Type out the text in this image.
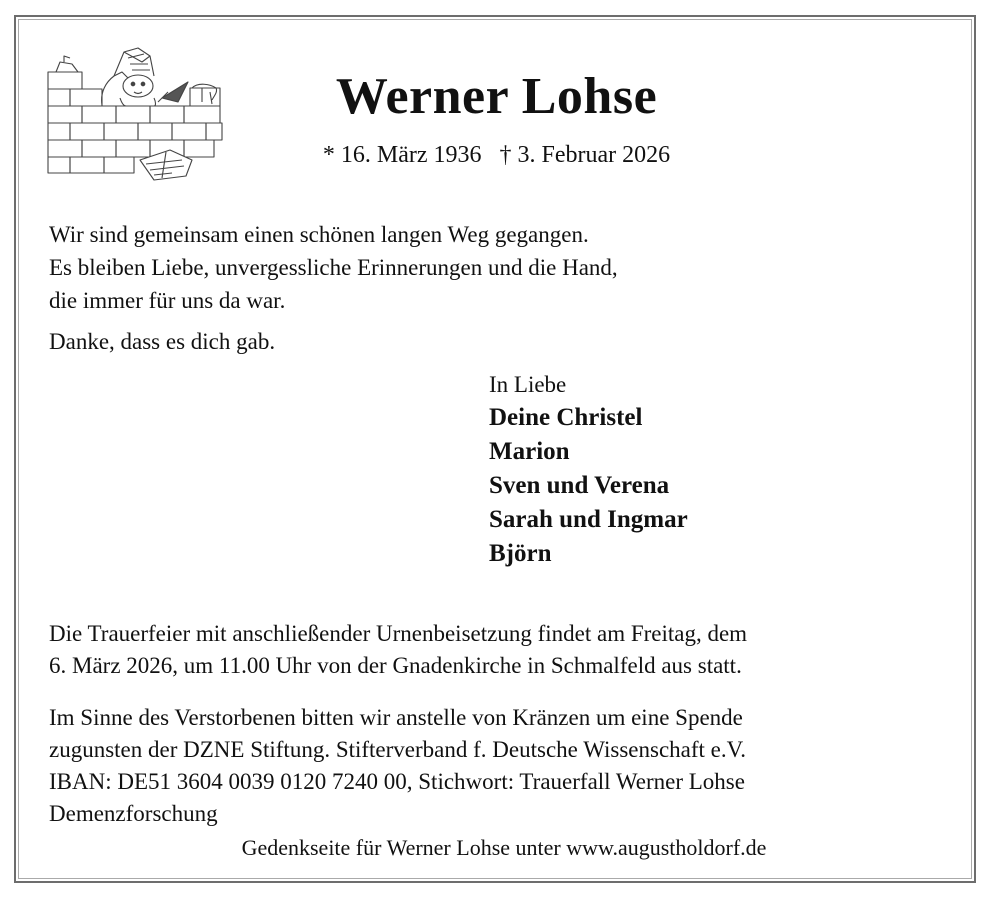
Werner Lohse
* 16. März 1936 † 3. Februar 2026

Wir sind gemeinsam einen schönen langen Weg gegangen.

Es bleiben Liebe, unvergessliche Erinnerungen und die Hand,

die immer für uns da war.

Danke, dass es dich gab.

In Liebe
Deine Christel
Marion
Sven und Verena
Sarah und Ingmar
Björn

Die Trauerfeier mit anschließender Urnenbeisetzung findet am Freitag, dem

6. März 2026, um 11.00 Uhr von der Gnadenkirche in Schmalfeld aus statt.

Im Sinne des Verstorbenen bitten wir anstelle von Kränzen um eine Spende

zugunsten der DZNE Stiftung. Stifterverband f. Deutsche Wissenschaft e.V.

IBAN: DE51 3604 0039 0120 7240 00, Stichwort: Trauerfall Werner Lohse

Demenzforschung

Gedenkseite für Werner Lohse unter www.augustholdorf.de
